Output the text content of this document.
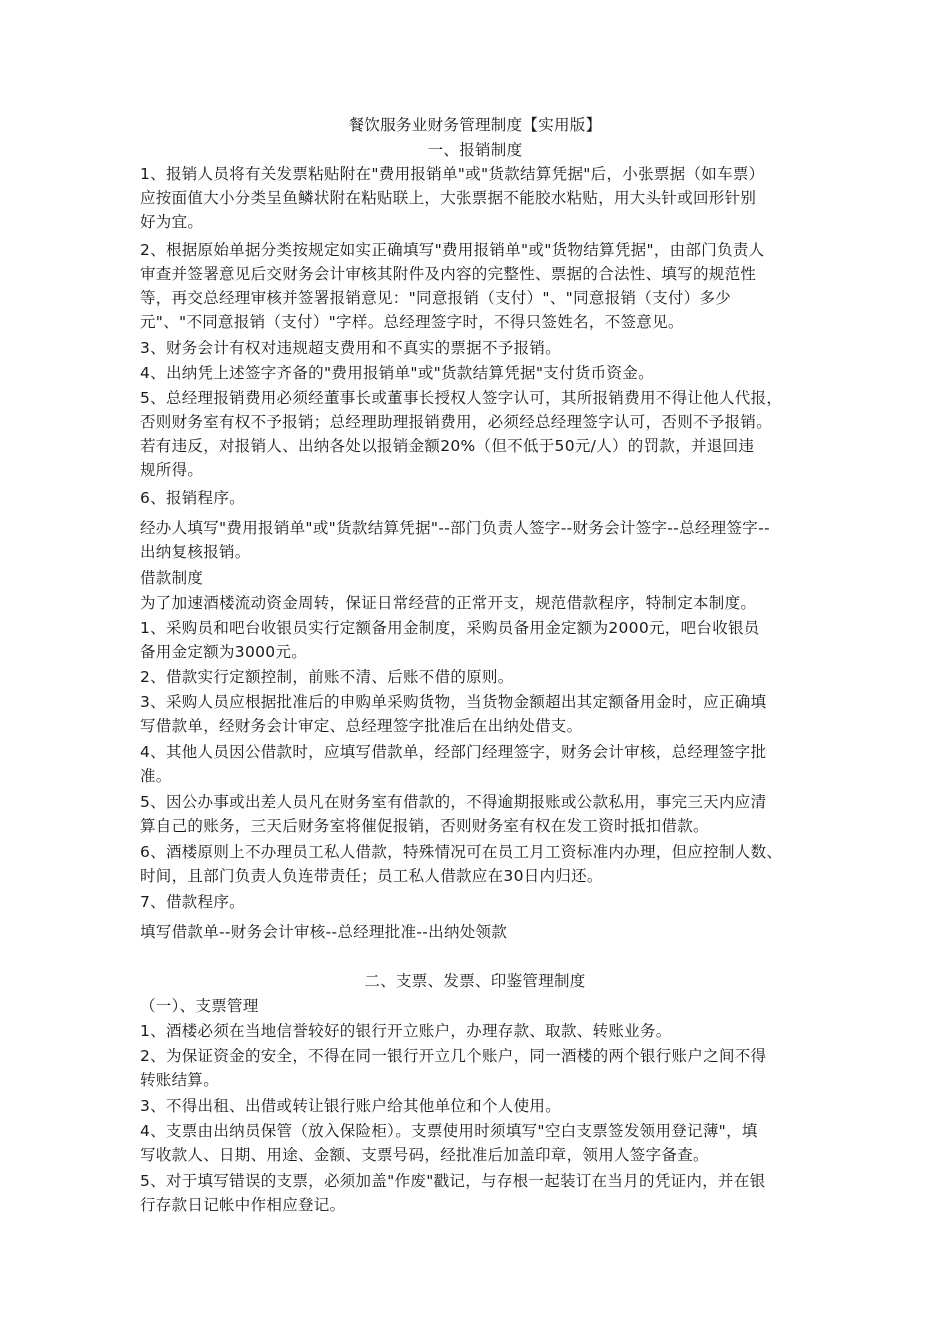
餐饮服务业财务管理制度【实用版】
一、报销制度
1、报销人员将有关发票粘贴附在"费用报销单"或"货款结算凭据"后，小张票据（如车票）
应按面值大小分类呈鱼鳞状附在粘贴联上，大张票据不能胶水粘贴，用大头针或回形针别
好为宜。
2、根据原始单据分类按规定如实正确填写"费用报销单"或"货物结算凭据"，由部门负责人
审查并签署意见后交财务会计审核其附件及内容的完整性、票据的合法性、填写的规范性
等，再交总经理审核并签署报销意见："同意报销（支付）"、"同意报销（支付）多少
元"、"不同意报销（支付）"字样。总经理签字时，不得只签姓名，不签意见。
3、财务会计有权对违规超支费用和不真实的票据不予报销。
4、出纳凭上述签字齐备的"费用报销单"或"货款结算凭据"支付货币资金。
5、总经理报销费用必须经董事长或董事长授权人签字认可，其所报销费用不得让他人代报，
否则财务室有权不予报销；总经理助理报销费用，必须经总经理签字认可，否则不予报销。
若有违反，对报销人、出纳各处以报销金额20%（但不低于50元/人）的罚款，并退回违
规所得。
6、报销程序。
经办人填写"费用报销单"或"货款结算凭据"--部门负责人签字--财务会计签字--总经理签字--
出纳复核报销。
借款制度
为了加速酒楼流动资金周转，保证日常经营的正常开支，规范借款程序，特制定本制度。
1、采购员和吧台收银员实行定额备用金制度，采购员备用金定额为2000元，吧台收银员
备用金定额为3000元。
2、借款实行定额控制，前账不清、后账不借的原则。
3、采购人员应根据批准后的申购单采购货物，当货物金额超出其定额备用金时，应正确填
写借款单，经财务会计审定、总经理签字批准后在出纳处借支。
4、其他人员因公借款时，应填写借款单，经部门经理签字，财务会计审核，总经理签字批
准。
5、因公办事或出差人员凡在财务室有借款的，不得逾期报账或公款私用，事完三天内应清
算自己的账务，三天后财务室将催促报销，否则财务室有权在发工资时抵扣借款。
6、酒楼原则上不办理员工私人借款，特殊情况可在员工月工资标准内办理，但应控制人数、
时间，且部门负责人负连带责任；员工私人借款应在30日内归还。
7、借款程序。
填写借款单--财务会计审核--总经理批准--出纳处领款
二、支票、发票、印鉴管理制度
（一）、支票管理
1、酒楼必须在当地信誉较好的银行开立账户，办理存款、取款、转账业务。
2、为保证资金的安全，不得在同一银行开立几个账户，同一酒楼的两个银行账户之间不得
转账结算。
3、不得出租、出借或转让银行账户给其他单位和个人使用。
4、支票由出纳员保管（放入保险柜）。支票使用时须填写"空白支票签发领用登记薄"，填
写收款人、日期、用途、金额、支票号码，经批准后加盖印章，领用人签字备查。
5、对于填写错误的支票，必须加盖"作废"戳记，与存根一起装订在当月的凭证内，并在银
行存款日记帐中作相应登记。
